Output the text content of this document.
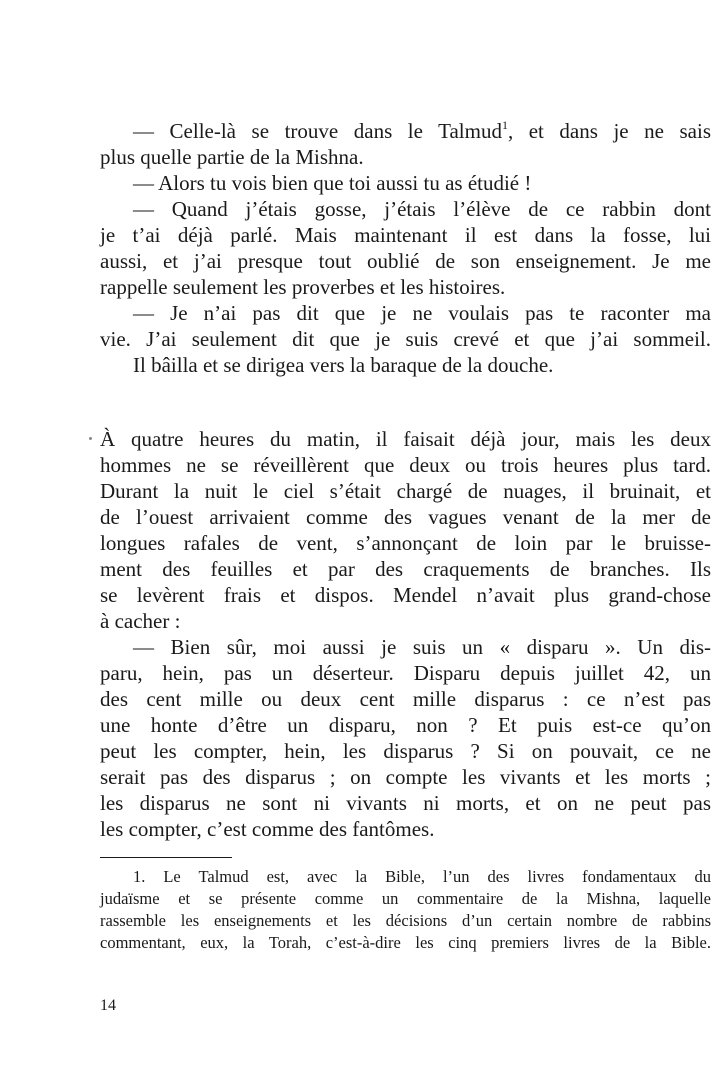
— Celle-là se trouve dans le Talmud$^1$, et dans je ne sais
plus quelle partie de la Mishna.
— Alors tu vois bien que toi aussi tu as étudié !
— Quand j’étais gosse, j’étais l’élève de ce rabbin dont
je t’ai déjà parlé. Mais maintenant il est dans la fosse, lui
aussi, et j’ai presque tout oublié de son enseignement. Je me
rappelle seulement les proverbes et les histoires.
— Je n’ai pas dit que je ne voulais pas te raconter ma
vie. J’ai seulement dit que je suis crevé et que j’ai sommeil.
Il bâilla et se dirigea vers la baraque de la douche.
À quatre heures du matin, il faisait déjà jour, mais les deux
hommes ne se réveillèrent que deux ou trois heures plus tard.
Durant la nuit le ciel s’était chargé de nuages, il bruinait, et
de l’ouest arrivaient comme des vagues venant de la mer de
longues rafales de vent, s’annonçant de loin par le bruisse-
ment des feuilles et par des craquements de branches. Ils
se levèrent frais et dispos. Mendel n’avait plus grand-chose
à cacher :
— Bien sûr, moi aussi je suis un « disparu ». Un dis-
paru, hein, pas un déserteur. Disparu depuis juillet 42, un
des cent mille ou deux cent mille disparus : ce n’est pas
une honte d’être un disparu, non ? Et puis est-ce qu’on
peut les compter, hein, les disparus ? Si on pouvait, ce ne
serait pas des disparus ; on compte les vivants et les morts ;
les disparus ne sont ni vivants ni morts, et on ne peut pas
les compter, c’est comme des fantômes.
1. Le Talmud est, avec la Bible, l’un des livres fondamentaux du
judaïsme et se présente comme un commentaire de la Mishna, laquelle
rassemble les enseignements et les décisions d’un certain nombre de rabbins
commentant, eux, la Torah, c’est-à-dire les cinq premiers livres de la Bible.
14
